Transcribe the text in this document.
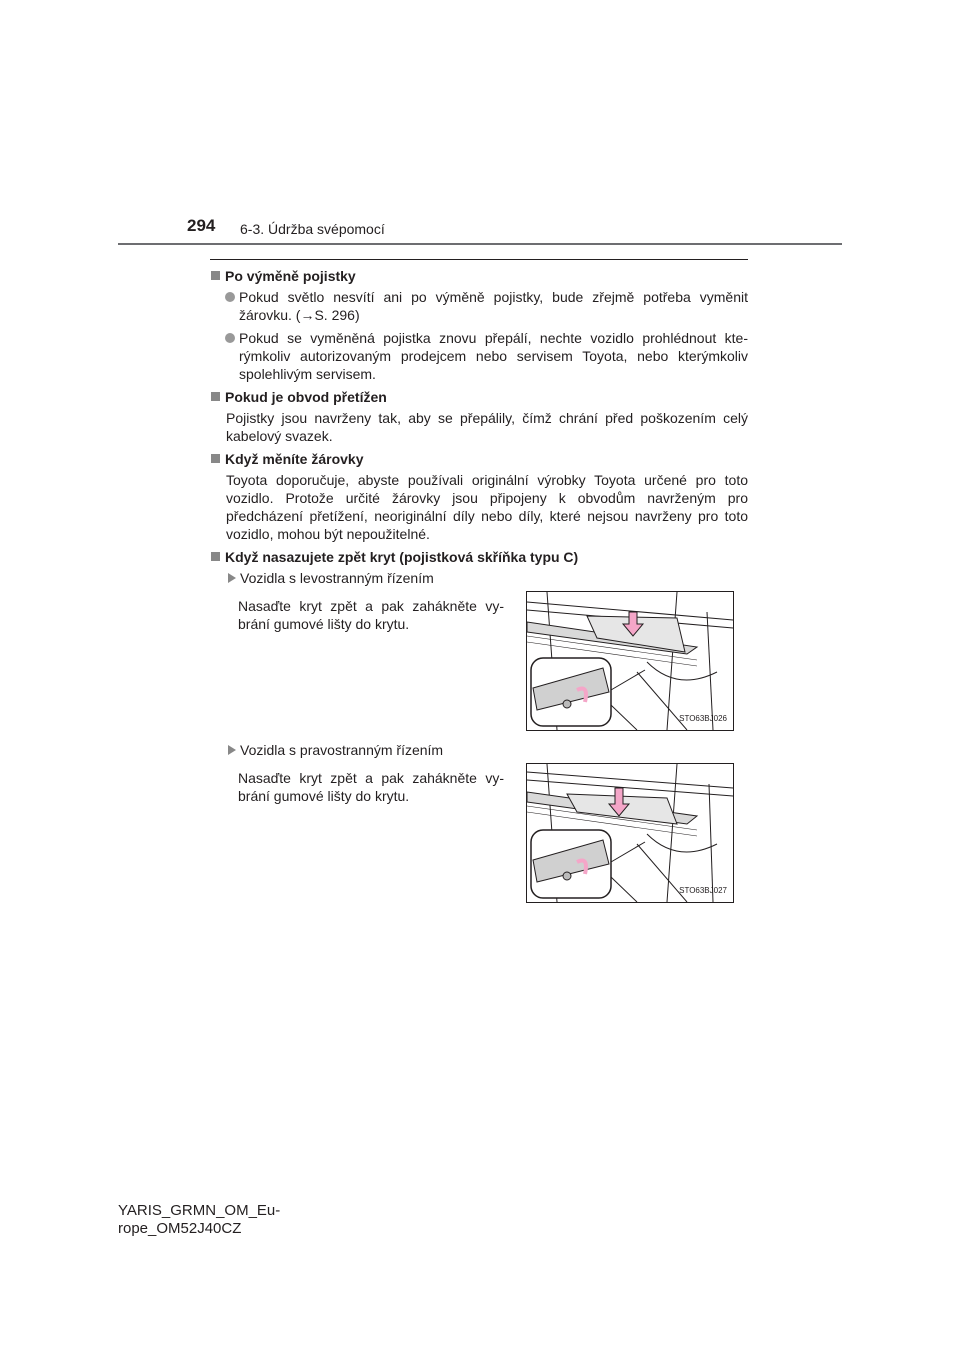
294 6-3. Údržba svépomocí
Po výměně pojistky
Pokud světlo nesvítí ani po výměně pojistky, bude zřejmě potřeba vyměnit žárovku. (→S. 296)
Pokud se vyměněná pojistka znovu přepálí, nechte vozidlo prohlédnout kte-rýmkoliv autorizovaným prodejcem nebo servisem Toyota, nebo kterýmkoliv spolehlivým servisem.
Pokud je obvod přetížen
Pojistky jsou navrženy tak, aby se přepálily, čímž chrání před poškozením celý kabelový svazek.
Když měníte žárovky
Toyota doporučuje, abyste používali originální výrobky Toyota určené pro toto vozidlo. Protože určité žárovky jsou připojeny k obvodům navrženým pro předcházení přetížení, neoriginální díly nebo díly, které nejsou navrženy pro toto vozidlo, mohou být nepoužitelné.
Když nasazujete zpět kryt (pojistková skříňka typu C)
Vozidla s levostranným řízením
Nasaďte kryt zpět a pak zahákněte vy-brání gumové lišty do krytu.
STO63BJ026
Vozidla s pravostranným řízením
Nasaďte kryt zpět a pak zahákněte vy-brání gumové lišty do krytu.
STO63BJ027
YARIS_GRMN_OM_Eu-
rope_OM52J40CZ
